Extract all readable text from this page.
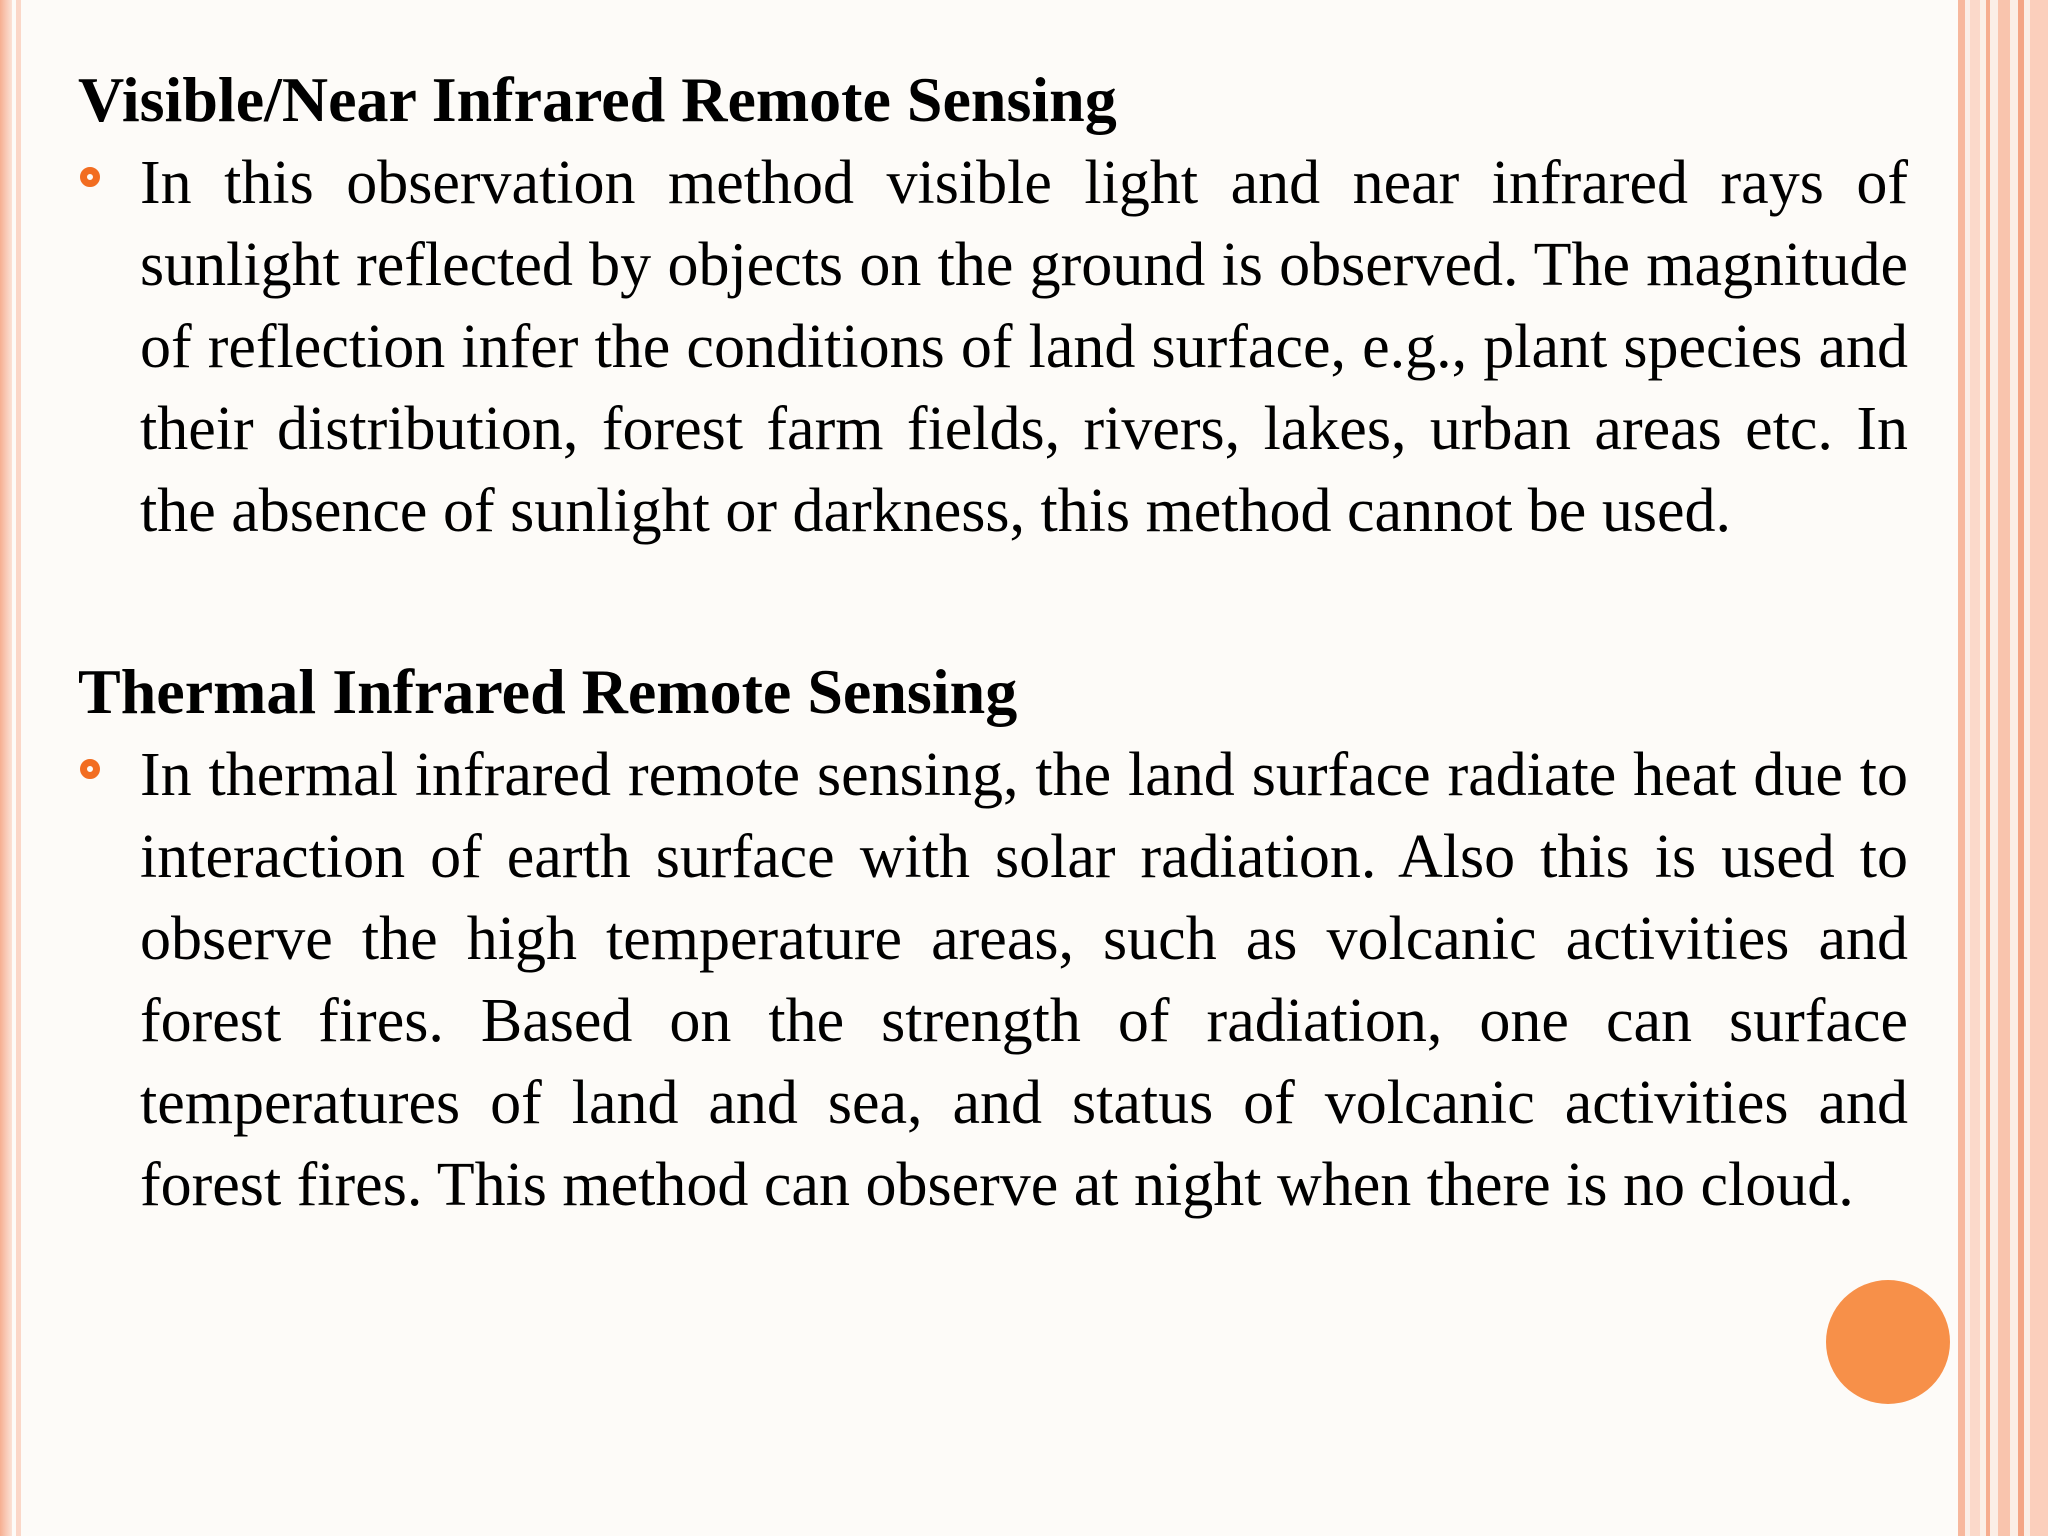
Visible/Near Infrared Remote Sensing

In this observation method visible light and near infrared rays of sunlight reflected by objects on the ground is observed. The magnitude of reflection infer the conditions of land surface, e.g., plant species and their distribution, forest farm fields, rivers, lakes, urban areas etc. In the absence of sunlight or darkness, this method cannot be used.

Thermal Infrared Remote Sensing

In thermal infrared remote sensing, the land surface radiate heat due to interaction of earth surface with solar radiation. Also this is used to observe the high temperature areas, such as volcanic activities and forest fires. Based on the strength of radiation, one can surface temperatures of land and sea, and status of volcanic activities and forest fires. This method can observe at night when there is no cloud.
